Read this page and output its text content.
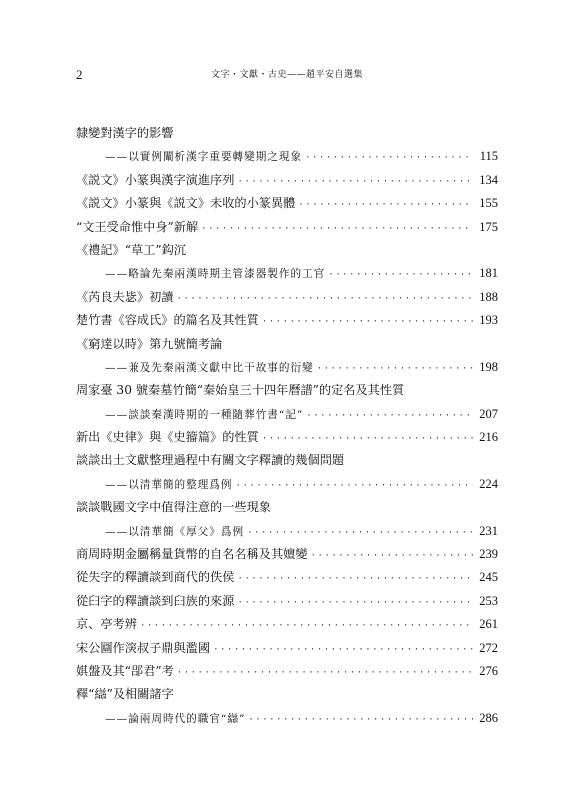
2	文字・文獻・古史——趙平安自選集
隸變對漢字的影響
——以實例闡析漢字重要轉變期之現象 ·····	115
《説文》小篆與漢字演進序列 ·····	134
《説文》小篆與《説文》未收的小篆異體 ·····	155
“文王受命惟中身”新解 ·····	175
《禮記》“草工”鈎沉
——略論先秦兩漢時期主管漆器製作的工官 ·····	181
《芮良夫毖》初讀 ·····	188
楚竹書《容成氏》的篇名及其性質 ·····	193
《窮達以時》第九號簡考論
——兼及先秦兩漢文獻中比干故事的衍變 ·····	198
周家臺 30 號秦墓竹簡“秦始皇三十四年曆譜”的定名及其性質
——談談秦漢時期的一種隨葬竹書“記” ·····	207
新出《史律》與《史籀篇》的性質 ·····	216
談談出土文獻整理過程中有關文字釋讀的幾個問題
——以清華簡的整理爲例 ·····	224
談談戰國文字中值得注意的一些現象
——以清華簡《厚父》爲例 ·····	231
商周時期金屬稱量貨幣的自名名稱及其嬗變 ·····	239
從失字的釋讀談到商代的佚侯 ·····	245
從𦥑字的釋讀談到𦥑族的來源 ·····	253
京、亭考辨 ·····	261
宋公圝作㴱叔子鼎與濫國 ·····	272
娸盤及其“郘君”考 ·····	276
釋“䜌”及相關諸字
——論兩周時代的職官“䜌” ·····	286
